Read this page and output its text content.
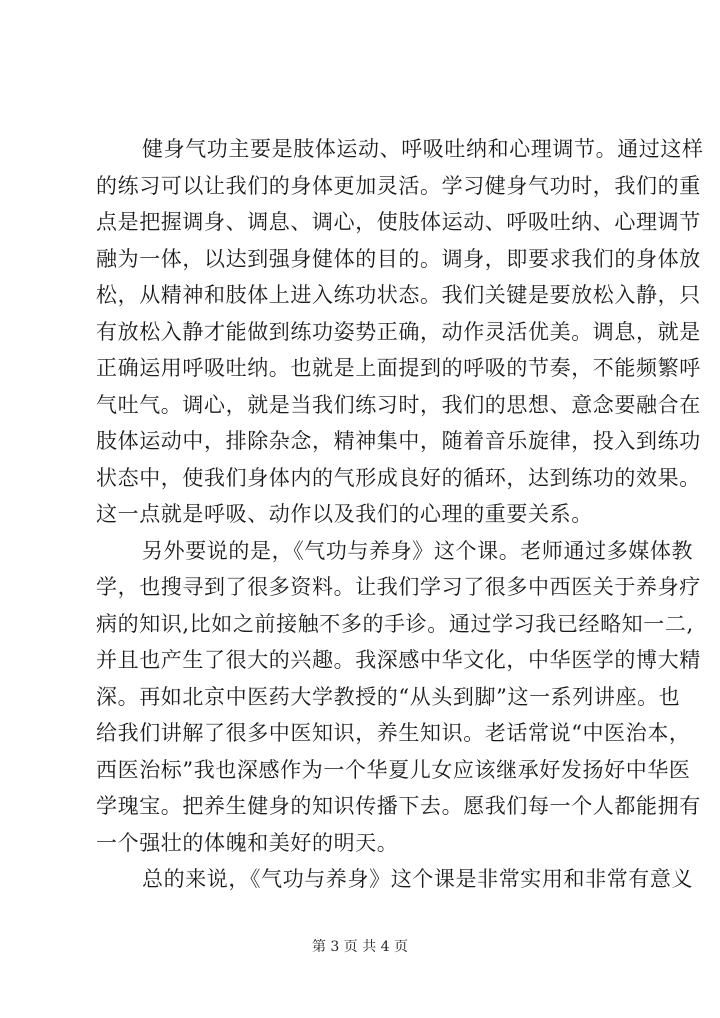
健身气功主要是肢体运动、呼吸吐纳和心理调节。通过这样
的练习可以让我们的身体更加灵活。学习健身气功时，我们的重
点是把握调身、调息、调心，使肢体运动、呼吸吐纳、心理调节
融为一体，以达到强身健体的目的。调身，即要求我们的身体放
松，从精神和肢体上进入练功状态。我们关键是要放松入静，只
有放松入静才能做到练功姿势正确，动作灵活优美。调息，就是
正确运用呼吸吐纳。也就是上面提到的呼吸的节奏，不能频繁呼
气吐气。调心，就是当我们练习时，我们的思想、意念要融合在
肢体运动中，排除杂念，精神集中，随着音乐旋律，投入到练功
状态中，使我们身体内的气形成良好的循环，达到练功的效果。
这一点就是呼吸、动作以及我们的心理的重要关系。
另外要说的是，《气功与养身》这个课。老师通过多媒体教
学，也搜寻到了很多资料。让我们学习了很多中西医关于养身疗
病的知识,比如之前接触不多的手诊。通过学习我已经略知一二,
并且也产生了很大的兴趣。我深感中华文化，中华医学的博大精
深。再如北京中医药大学教授的“从头到脚”这一系列讲座。也
给我们讲解了很多中医知识，养生知识。老话常说“中医治本，
西医治标”我也深感作为一个华夏儿女应该继承好发扬好中华医
学瑰宝。把养生健身的知识传播下去。愿我们每一个人都能拥有
一个强壮的体魄和美好的明天。
总的来说，《气功与养身》这个课是非常实用和非常有意义
第 3 页 共 4 页
